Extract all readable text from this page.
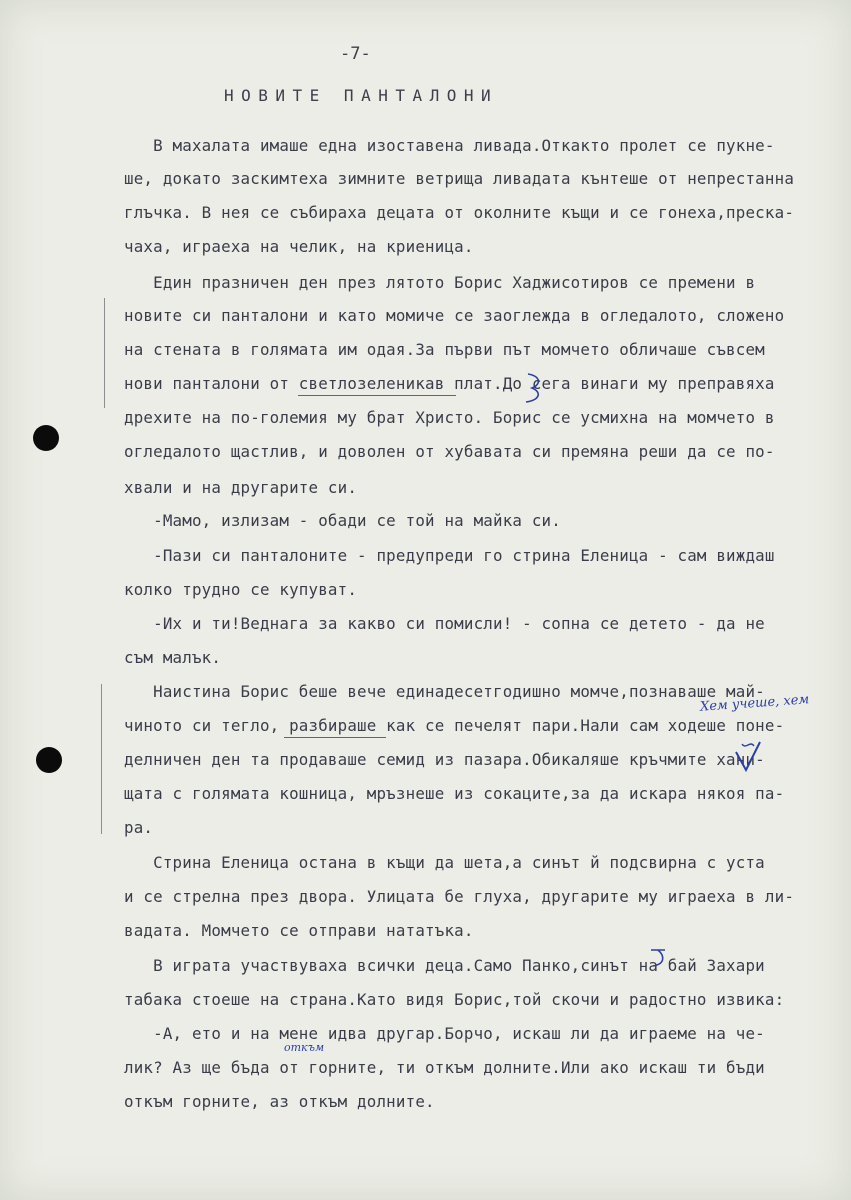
-7-
НОВИТЕ ПАНТАЛОНИ
В махалата имаше една изоставена ливада.Откакто пролет се пукне-
ше, докато заскимтеха зимните ветрища ливадата кънтеше от непрестанна
глъчка. В нея се събираха децата от околните къщи и се гонеха,преска-
чаха, играеха на челик, на криеница.
Един празничен ден през лятото Борис Хаджисотиров се премени в
новите си панталони и като момиче се заоглежда в огледалото, сложено
на стената в голямата им одая.За първи път момчето обличаше съвсем
нови панталони от светлозеленикав плат.До сега винаги му преправяха
дрехите на по-големия му брат Христо. Борис се усмихна на момчето в
огледалото щастлив, и доволен от хубавата си премяна реши да се по-
хвали и на другарите си.
-Мамо, излизам - обади се той на майка си.
-Пази си панталоните - предупреди го стрина Еленица - сам виждаш
колко трудно се купуват.
-Их и ти!Веднага за какво си помисли! - сопна се детето - да не
съм малък.
Наистина Борис беше вече единадесетгодишно момче,познаваше май-
чиното си тегло, разбираше как се печелят пари.Нали сам ходеше поне-
делничен ден та продаваше семид из пазара.Обикаляше кръчмите хани-
щата с голямата кошница, мръзнеше из сокаците,за да искара някоя па-
ра.
Стрина Еленица остана в къщи да шета,а синът й подсвирна с уста
и се стрелна през двора. Улицата бе глуха, другарите му играеха в ли-
вадата. Момчето се отправи нататъка.
В играта участвуваха всички деца.Само Панко,синът на бай Захари
табака стоеше на страна.Като видя Борис,той скочи и радостно извика:
-А, ето и на мене идва другар.Борчо, искаш ли да играеме на че-
лик? Аз ще бъда от горните, ти откъм долните.Или ако искаш ти бъди
откъм горните, аз откъм долните.
Хем учеше, хем
откъм
